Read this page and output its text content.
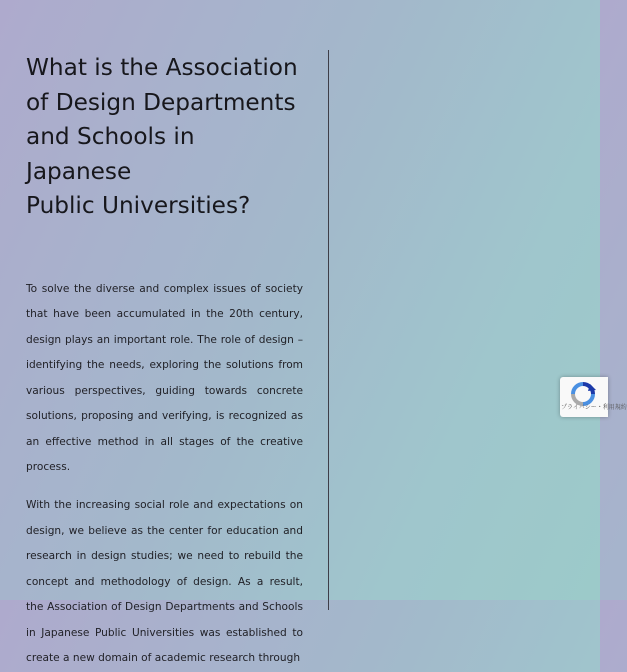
What is the Association
of Design Departments
and Schools in Japanese
Public Universities?

To solve the diverse and complex issues of society that have been accumulated in the 20th century, design plays an important role. The role of design – identifying the needs, exploring the solutions from various perspectives, guiding towards concrete solutions, proposing and verifying, is recognized as an effective method in all stages of the creative process.

With the increasing social role and expectations on design, we believe as the center for education and research in design studies; we need to rebuild the concept and methodology of design. As a result, the Association of Design Departments and Schools in Japanese Public Universities was established to create a new domain of academic research through

プライバシー・利用規約
